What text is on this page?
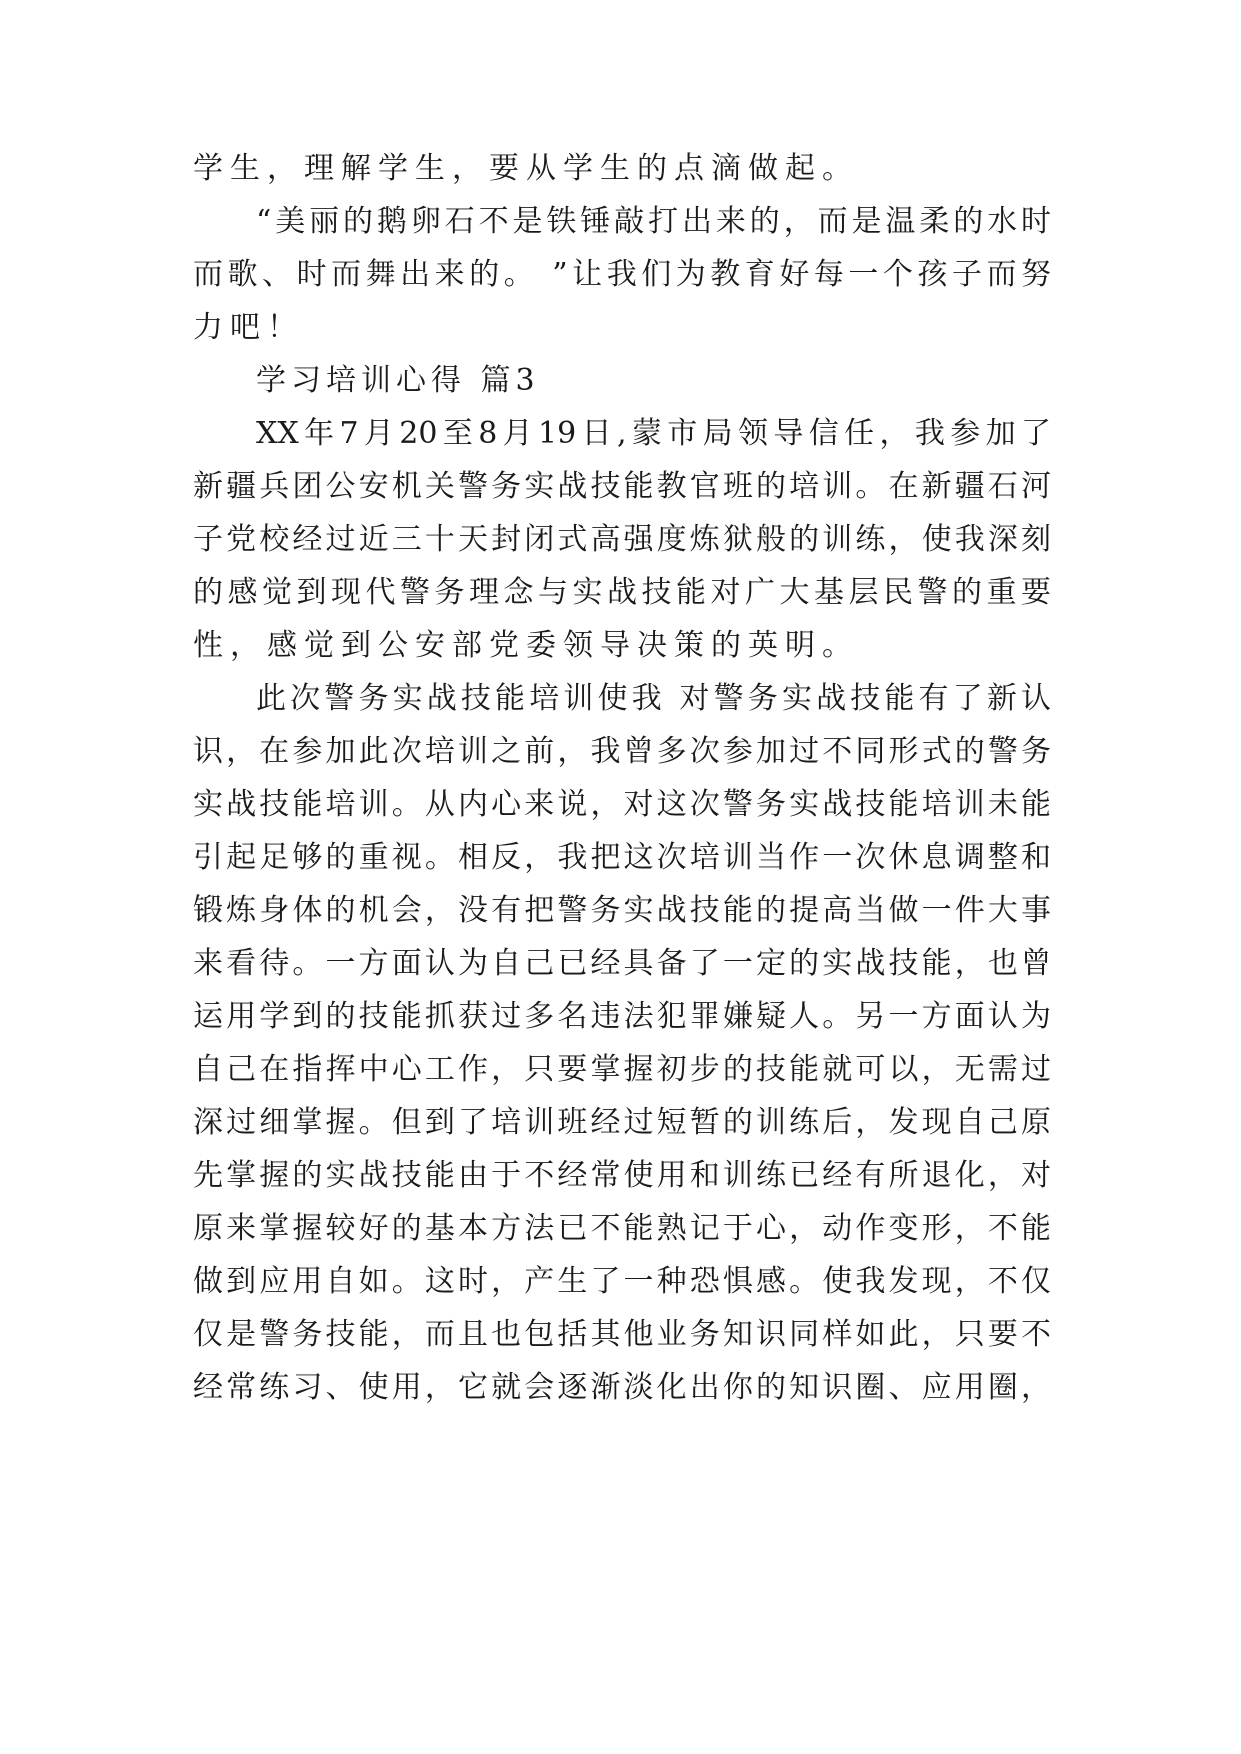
学生，理解学生，要从学生的点滴做起。
“美丽的鹅卵石不是铁锤敲打出来的，而是温柔的水时
而歌、时而舞出来的。 ”让我们为教育好每一个孩子而努
力吧！
学习培训心得 篇3
XX年7月20至8月19日,蒙市局领导信任，我参加了
新疆兵团公安机关警务实战技能教官班的培训。在新疆石河
子党校经过近三十天封闭式高强度炼狱般的训练，使我深刻
的感觉到现代警务理念与实战技能对广大基层民警的重要
性，感觉到公安部党委领导决策的英明。
此次警务实战技能培训使我 对警务实战技能有了新认
识，在参加此次培训之前，我曾多次参加过不同形式的警务
实战技能培训。从内心来说，对这次警务实战技能培训未能
引起足够的重视。相反，我把这次培训当作一次休息调整和
锻炼身体的机会，没有把警务实战技能的提高当做一件大事
来看待。一方面认为自己已经具备了一定的实战技能，也曾
运用学到的技能抓获过多名违法犯罪嫌疑人。另一方面认为
自己在指挥中心工作，只要掌握初步的技能就可以，无需过
深过细掌握。但到了培训班经过短暂的训练后，发现自己原
先掌握的实战技能由于不经常使用和训练已经有所退化，对
原来掌握较好的基本方法已不能熟记于心，动作变形，不能
做到应用自如。这时，产生了一种恐惧感。使我发现，不仅
仅是警务技能，而且也包括其他业务知识同样如此，只要不
经常练习、使用，它就会逐渐淡化出你的知识圈、应用圈，
